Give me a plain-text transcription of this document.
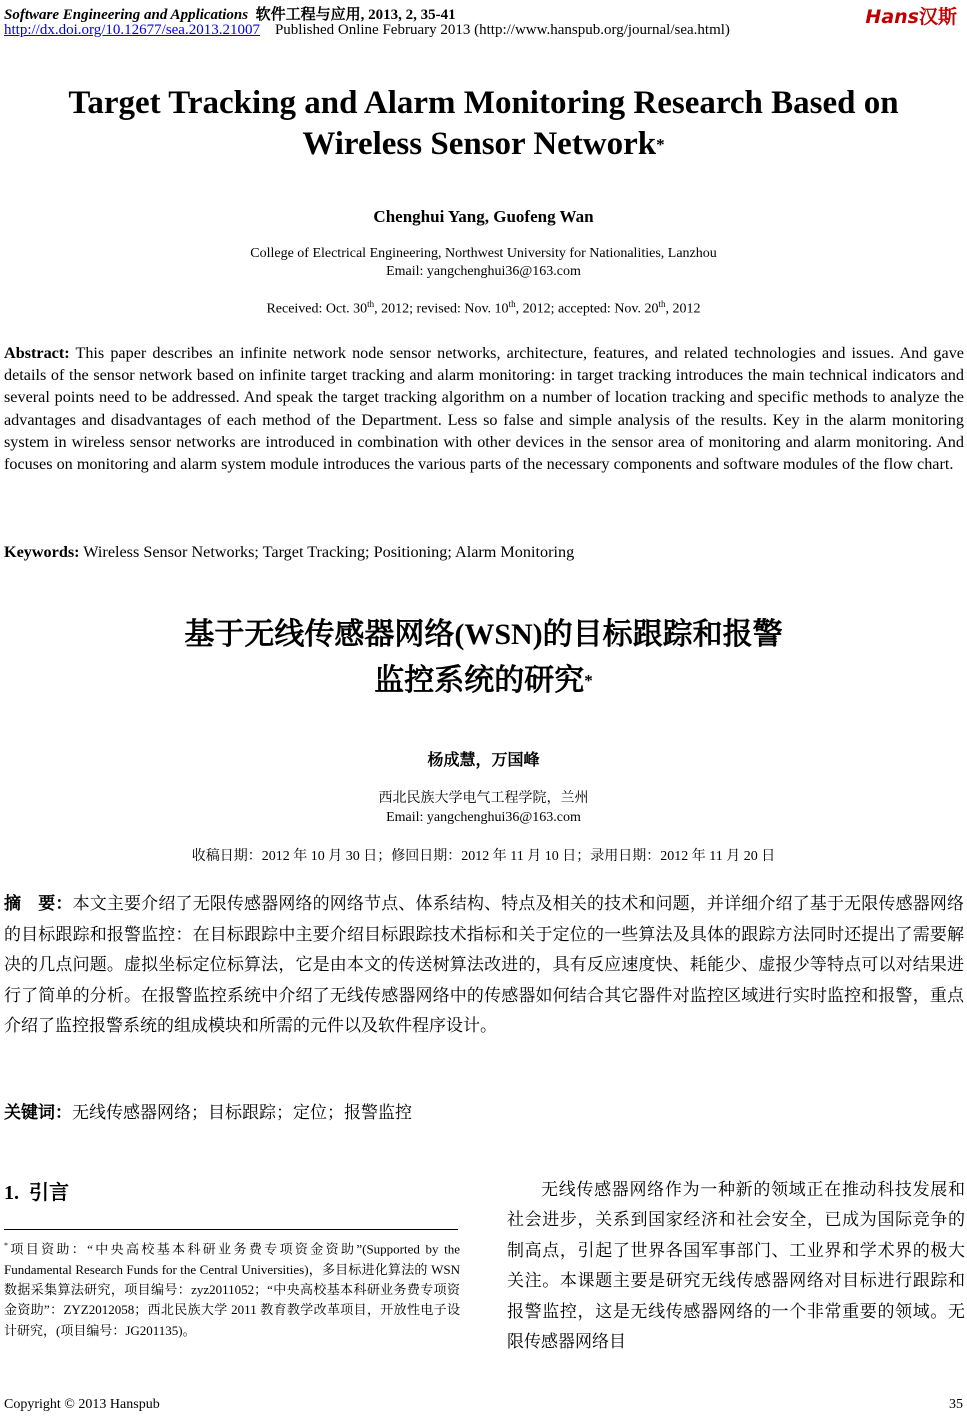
Software Engineering and Applications 软件工程与应用, 2013, 2, 35-41
http://dx.doi.org/10.12677/sea.2013.21007 Published Online February 2013 (http://www.hanspub.org/journal/sea.html)
Hans汉斯
Target Tracking and Alarm Monitoring Research Based on
Wireless Sensor Network*
Chenghui Yang, Guofeng Wan
College of Electrical Engineering, Northwest University for Nationalities, Lanzhou
Email: yangchenghui36@163.com
Received: Oct. 30th, 2012; revised: Nov. 10th, 2012; accepted: Nov. 20th, 2012
Abstract: This paper describes an infinite network node sensor networks, architecture, features, and related technologies and issues. And gave details of the sensor network based on infinite target tracking and alarm monitoring: in target tracking introduces the main technical indicators and several points need to be addressed. And speak the target tracking algorithm on a number of location tracking and specific methods to analyze the advantages and disadvantages of each method of the Department. Less so false and simple analysis of the results. Key in the alarm monitoring system in wireless sensor networks are introduced in combination with other devices in the sensor area of monitoring and alarm monitoring. And focuses on monitoring and alarm system module introduces the various parts of the necessary components and software modules of the flow chart.
Keywords: Wireless Sensor Networks; Target Tracking; Positioning; Alarm Monitoring
基于无线传感器网络(WSN)的目标跟踪和报警
监控系统的研究*
杨成慧，万国峰
西北民族大学电气工程学院，兰州
Email: yangchenghui36@163.com
收稿日期：2012 年 10 月 30 日；修回日期：2012 年 11 月 10 日；录用日期：2012 年 11 月 20 日
摘　要：本文主要介绍了无限传感器网络的网络节点、体系结构、特点及相关的技术和问题，并详细介绍了基于无限传感器网络的目标跟踪和报警监控：在目标跟踪中主要介绍目标跟踪技术指标和关于定位的一些算法及具体的跟踪方法同时还提出了需要解决的几点问题。虚拟坐标定位标算法，它是由本文的传送树算法改进的，具有反应速度快、耗能少、虚报少等特点可以对结果进行了简单的分析。在报警监控系统中介绍了无线传感器网络中的传感器如何结合其它器件对监控区域进行实时监控和报警，重点介绍了监控报警系统的组成模块和所需的元件以及软件程序设计。
关键词：无线传感器网络；目标跟踪；定位；报警监控
1. 引言
*项目资助：“中央高校基本科研业务费专项资金资助”(Supported by the Fundamental Research Funds for the Central Universities)，多目标进化算法的 WSN 数据采集算法研究，项目编号：zyz2011052；“中央高校基本科研业务费专项资金资助”：ZYZ2012058；西北民族大学 2011 教育教学改革项目，开放性电子设计研究，(项目编号：JG201135)。
无线传感器网络作为一种新的领域正在推动科技发展和社会进步，关系到国家经济和社会安全，已成为国际竞争的制高点，引起了世界各国军事部门、工业界和学术界的极大关注。本课题主要是研究无线传感器网络对目标进行跟踪和报警监控，这是无线传感器网络的一个非常重要的领域。无限传感器网络目
Copyright © 2013 Hanspub	35
